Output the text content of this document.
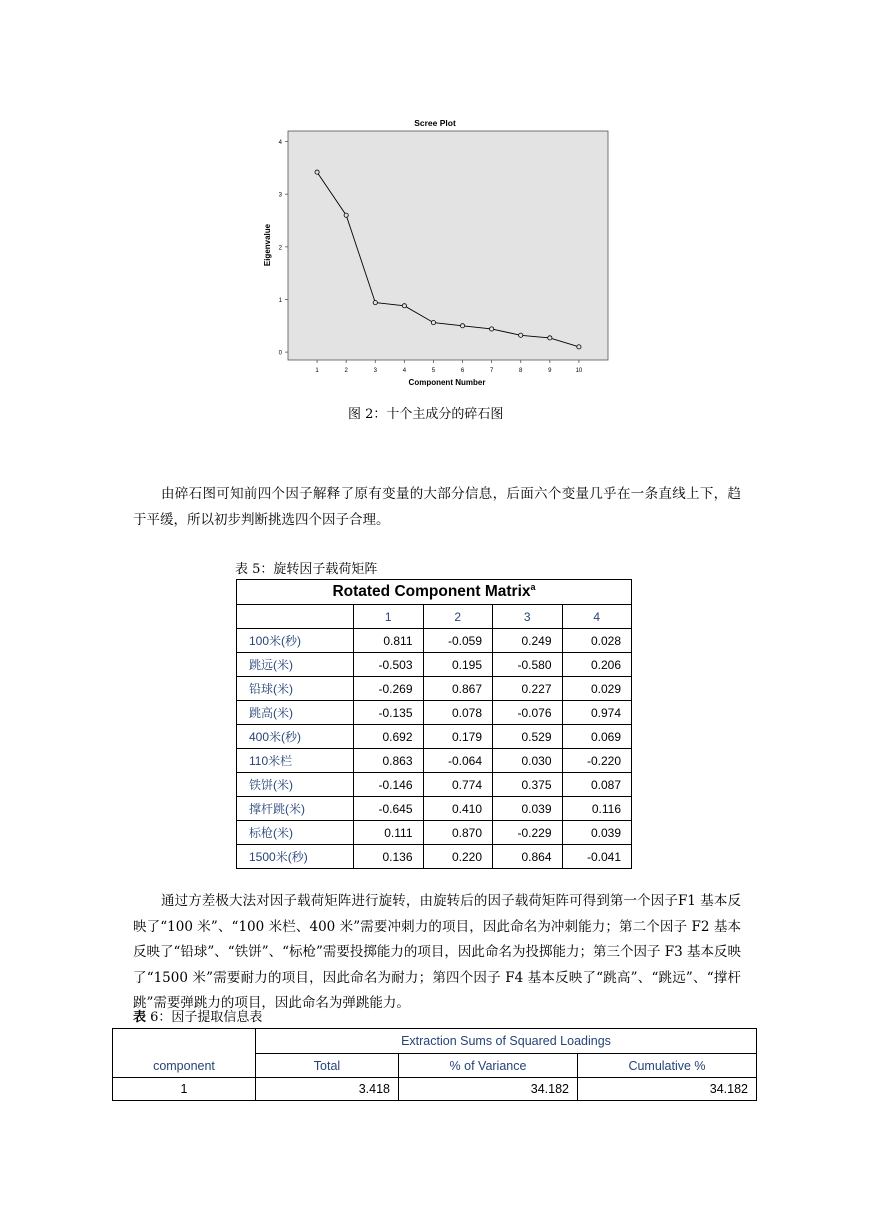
Scree Plot
0
1
2
3
4
1	2	3	4	5	6	7	8	9	10
Component Number
Eigenvalue
图 2：十个主成分的碎石图
由碎石图可知前四个因子解释了原有变量的大部分信息，后面六个变量几乎在一条直线上下，趋于平缓，所以初步判断挑选四个因子合理。
表 5：旋转因子载荷矩阵
Rotated Component Matrix$^a$
	1	2	3	4
100米(秒)	0.811	-0.059	0.249	0.028
跳远(米)	-0.503	0.195	-0.580	0.206
铅球(米)	-0.269	0.867	0.227	0.029
跳高(米)	-0.135	0.078	-0.076	0.974
400米(秒)	0.692	0.179	0.529	0.069
110米栏	0.863	-0.064	0.030	-0.220
铁饼(米)	-0.146	0.774	0.375	0.087
撑杆跳(米)	-0.645	0.410	0.039	0.116
标枪(米)	0.111	0.870	-0.229	0.039
1500米(秒)	0.136	0.220	0.864	-0.041
通过方差极大法对因子载荷矩阵进行旋转，由旋转后的因子载荷矩阵可得到第一个因子F1 基本反映了“100 米”、“100 米栏、400 米”需要冲刺力的项目，因此命名为冲刺能力；第二个因子 F2 基本反映了“铅球”、“铁饼”、“标枪”需要投掷能力的项目，因此命名为投掷能力；第三个因子 F3 基本反映了“1500 米”需要耐力的项目，因此命名为耐力；第四个因子 F4 基本反映了“跳高”、“跳远”、“撑杆跳”需要弹跳力的项目，因此命名为弹跳能力。
表 6：因子提取信息表
component	Extraction Sums of Squared Loadings		
	Total	% of Variance	Cumulative %
1	3.418	34.182	34.182
